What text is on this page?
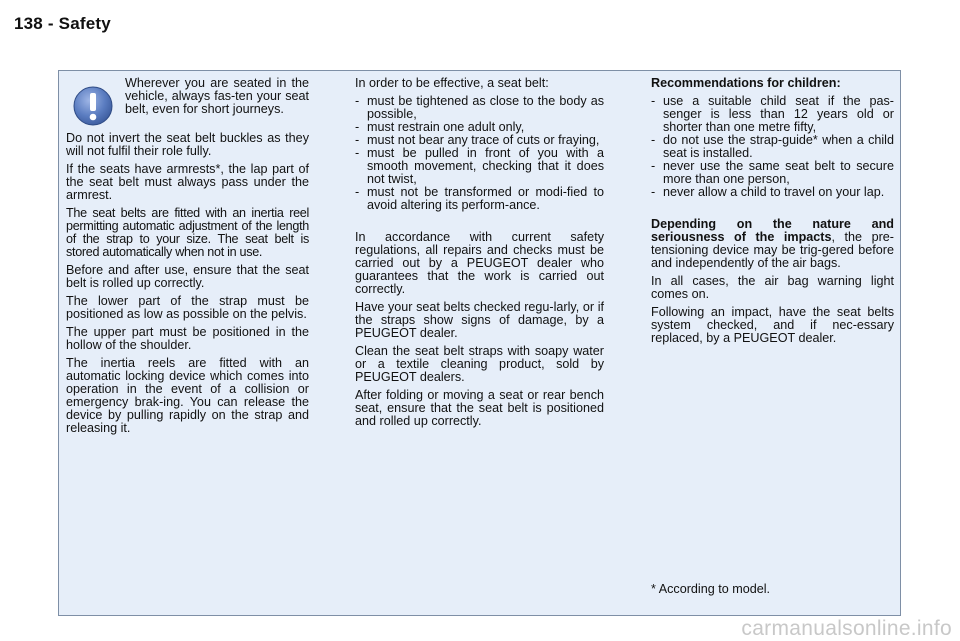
138 - Safety

Wherever you are seated in the vehicle, always fas-ten your seat belt, even for short journeys.

Do not invert the seat belt buckles as they will not fulfil their role fully.

If the seats have armrests*, the lap part of the seat belt must always pass under the armrest.

The seat belts are fitted with an inertia reel permitting automatic adjustment of the length of the strap to your size. The seat belt is stored automatically when not in use.

Before and after use, ensure that the seat belt is rolled up correctly.

The lower part of the strap must be positioned as low as possible on the pelvis.

The upper part must be positioned in the hollow of the shoulder.

The inertia reels are fitted with an automatic locking device which comes into operation in the event of a collision or emergency brak-ing. You can release the device by pulling rapidly on the strap and releasing it.

In order to be effective, a seat belt:

- must be tightened as close to the body as possible,
- must restrain one adult only,
- must not bear any trace of cuts or fraying,
- must be pulled in front of you with a smooth movement, checking that it does not twist,
- must not be transformed or modi-fied to avoid altering its perform-ance.

In accordance with current safety regulations, all repairs and checks must be carried out by a PEUGEOT dealer who guarantees that the work is carried out correctly.

Have your seat belts checked regu-larly, or if the straps show signs of damage, by a PEUGEOT dealer.

Clean the seat belt straps with soapy water or a textile cleaning product, sold by PEUGEOT dealers.

After folding or moving a seat or rear bench seat, ensure that the seat belt is positioned and rolled up correctly.

Recommendations for children:

- use a suitable child seat if the pas-senger is less than 12 years old or shorter than one metre fifty,
- do not use the strap-guide* when a child seat is installed.
- never use the same seat belt to secure more than one person,
- never allow a child to travel on your lap.

Depending on the nature and seriousness of the impacts, the pre-tensioning device may be trig-gered before and independently of the air bags.

In all cases, the air bag warning light comes on.

Following an impact, have the seat belts system checked, and if nec-essary replaced, by a PEUGEOT dealer.

* According to model.
carmanualsonline.info
